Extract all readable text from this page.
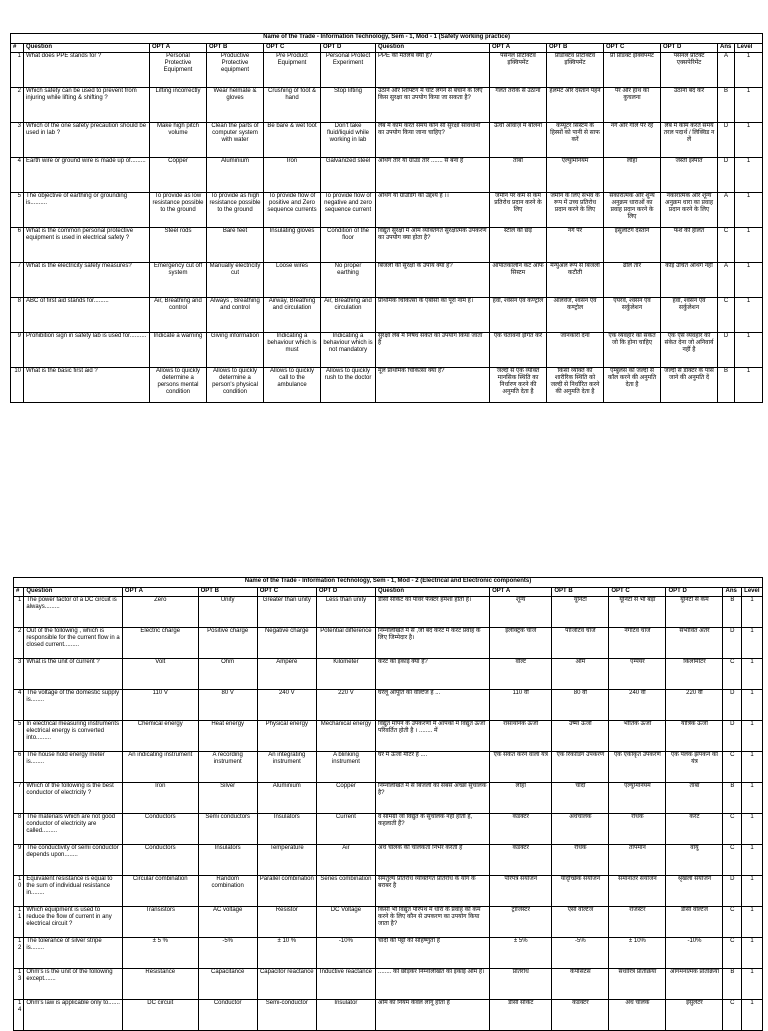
Name of the Trade - Information Technology, Sem - 1, Mod - 1 (Safety working practice)												
#	Question	OPT A	OPT B	OPT C	OPT D	Question	OPT A	OPT B	OPT C	OPT D	Ans	Level
1	What does PPE stands for ?	Personal Protective Equipment	Productive Protective equipment	Pre Product Equipment	Personal Protect Experiment	PPE का मतलब क्या है?	पर्सनल प्रोटेक्टिव इक्विपमेंट	प्रोडक्टिव प्रोटेक्टिव इक्विपमेंट	प्री प्रोडक्ट इक्विपमेंट	पर्सनल प्रोटेक्ट एक्सपेरिमेंट	A	1
2	Which safety can be used to prevent from injuring while lifting & shifting ?	Lifting incorrectly	Wear helmate & gloves	Crushing of foot & hand	Stop lifting	उठाने और शिफ्टिंग में चोट लगने से बचाने के लिए किस सुरक्षा का उपयोग किया जा सकता है?	गलत तरीके से उठाना	हेलमेट और दस्ताने पहनें	पैर और हाथ का कुचलना	उठाना बंद करें	B	1
3	Which of the one safety precaution should be used in lab ?	Make high pitch volume	Clean the parts of computer system with water	Be bare & wet foot	Don't take fluid/liquid while working in lab	लैब में काम करते समय कौन सी सुरक्षा सावधानी का उपयोग किया जाना चाहिए?	ऊंची आवाज़ में बोलना	कंप्यूटर सिस्टम के हिस्सों को पानी से साफ करें	नंगे और गीले पैर रहें	लैब में काम करते समय तरल पदार्थ / लिक्विड न लें	D	1
4	Earth wire or ground wire is made up of.........	Copper	Aluminium	Iron	Galvanized steel	अर्थिंग तार या ग्राउंड तार ....... से बना है	तांबा	एल्युमिनियम	लोहा	जस्ती इस्पात	D	1
5	The objective of earthing or grounding is..........	To provide as low resistance possible to the ground	To provide as high resistance possible to the ground	To provide flow of positive and Zero sequence currents	To provide flow of negative and zero sequence current	अर्थिंग या ग्राउंडिंग का उद्देश्य है ।।	जमीन पर कम से कम प्रतिरोध प्रदान करने के लिए	जमीन के लिए संभव के रूप में उच्च प्रतिरोध प्रदान करने के लिए	सकारात्मक और शून्य अनुक्रम धाराओं का प्रवाह प्रदान करने के लिए	नकारात्मक और शून्य अनुक्रम धारा का प्रवाह प्रदान करने के लिए	A	1
6	What is the common personal protective equipment is used in electrical safety ?	Steel rods	Bare feet	Insulating gloves	Condition of the floor	विद्युत सुरक्षा में आम व्यक्तिगत सुरक्षात्मक उपकरण का उपयोग क्या होता है?	स्टील की छड़	नंगे पैर	इंसुलेटिंग दस्ताने	फर्श की हालत	C	1
7	What is the electricity safety measures?	Emergency cut off system	Manually electricity cut	Loose wires	No proper earthing	बिजली की सुरक्षा के उपाय क्या है?	आपातकालीन कट ऑफ सिस्टम	मैन्युअल रूप से बिजली कटौती	ढीले तार	कोई उचित अर्थिंग नहीं	A	1
8	ABC of first aid stands for.........	Air, Breathing and control	Always , Breathing and control	Airway, Breathing and circulation	Air, Breathing and circulation	प्राथमिक चिकित्सा के एबीसी का पूरा नाम है।	हवा, श्वसन एवं कण्ट्रोल	ऑलवेज, श्वसन एवं कण्ट्रोल	एयरवे, श्वसन एवं सर्कुलेशन	हवा, श्वसन एवं सर्कुलेशन	C	1
9	Prohibition sign in safety lab is used for..........	Indicate a warning	Giving information	Indicating a behaviour which is must	Indicating a behaviour which is not mandatory	सुरक्षा लैब में निषेध संकेत का उपयोग किया जाता है	एक चेतावनी इंगित करें	जानकारी देना	एक व्यवहार का संकेत जो कि होना चाहिए	एक ऐसे व्यवहार का संकेत देना जो अनिवार्य नहीं है	D	1
10	What is the basic first aid ?	Allows to quickly determine a persons mental condition	Allows to quickly determine a person's physical condition	Allows to quickly call to the ambulance	Allows to quickly rush to the doctor	मूल प्राथमिक चिकित्सा क्या है?	जल्दी से एक व्यक्ति मानसिक स्थिति का निर्धारण करने की अनुमति देता है	किसी व्यक्ति की शारीरिक स्थिति को जल्दी से निर्धारित करने की अनुमति देता है	एम्बुलेंस को जल्दी से कॉल करने की अनुमति देता है	जल्दी से डॉक्टर के पास जाने की अनुमति दें	B	1
Name of the Trade - Information Technology, Sem - 1, Mod - 2 (Electrical and Electronic components)												
#	Question	OPT A	OPT B	OPT C	OPT D	Question	OPT A	OPT B	OPT C	OPT D	Ans	Level
1	The power factor of a DC circuit is always.........	Zero	Unity	Greater than unity	Less than unity	डीसी सर्किट का पावर फैक्टर हमेशा होता है।	शून्य	यूनिटी	यूनिटी से भी बड़ा	यूनिटी से कम	B	1
2	Out of the following , which is responsible for the current flow in a closed current.........	Electric charge	Positive charge	Negative charge	Potential difference	निम्नलिखित में से ,जो बंद करंट में करंट प्रवाह के लिए जिम्मेदार है।	इलेक्ट्रिक चार्ज	पॉजिटिव चार्ज	नेगेटिव चार्ज	संभावित अंतर	D	1
3	What is the unit of current ?	Volt	Ohm	Ampere	Kilometer	करंट का इकाई क्या है?	वोल्ट	ओम	एम्पेयर	किलोमीटर	C	1
4	The voltage of the domestic supply is........	110 V	80 V	240 V	220 V	घरेलू आपूर्ति का वोल्टेज है ...	110 वी	80 वी	240 वी	220 वी	D	1
5	In electrical measuring instruments electrical energy is converted into.........	Chemical energy	Heat energy	Physical energy	Mechanical energy	विद्युत मापने के उपकरणों में आपको में विद्युत ऊर्जा परिवर्तित होती है । ........ में	रासायनिक ऊर्जा	उष्मा ऊर्जा	भौतिक ऊर्जा	यांत्रिक ऊर्जा	D	1
6	The house hold energy meter is........	An indicating instrument	A recording instrument	An integrating instrument	A blinking instrument	घर में ऊर्जा मीटर है ....	एक संकेत करने वाला यंत्र	एक रिकॉर्डिंग उपकरण	एक एकीकृत उपकरण	एक पलक झपकने का यंत्र	C	1
7	Which of the following is the best conductor of electricity ?	Iron	Silver	Aluminium	Copper	निम्नलिखित में से बिजली का सबसे अच्छा सुचालक है?	लोहा	चांदी	एल्युमिनियम	तांबा	B	1
8	The materials which are not good conductor of electricity are called.........	Conductors	Semi conductors	Insulators	Current	वे सामग्री जो विद्युत के सुचालक नहीं होती हैं, कहलाती हैं?	कंडक्टर	अर्धचालक	रोधक	करंट	C	1
9	The conductivity of semi conductor depends upon........	Conductors	Insulators	Temperature	Air	अर्ध चालक की चालकता निर्भर करती है	कंडक्टर	रोधक	तापमान	वायु	C	1
10	Equivalent resistance is equal to the sum of individual resistance in........	Circular combination	Random combination	Parallel combination	Series combination	समतुल्य प्रतिरोध व्यक्तिगत प्रतिरोध के योग के बराबर है	परिपत्र संयोजन	यादृच्छिक संयोजन	समानांतर संयोजन	श्रृंखला संयोजन	D	1
11	Which equipment is used to reduce the flow of current in any electrical circuit ?	Transistors	AC voltage	Resistor	DC Voltage	किसी भी विद्युत परिपथ में धारा के प्रवाह को कम करने के लिए कौन से उपकरण का उपयोग किया जाता है?	ट्रांजिस्टर	एसी वोल्टेज	रजिस्टर	डीसी वोल्टेज	C	1
12	The tolerance of silver stripe is........	± 5 %	-5%	± 10 %	-10%	चांदी की पट्टी की सहिष्णुता है	± 5%	-5%	± 10%	-10%	C	1
13	Ohm's is the unit of the following except.......	Resistance	Capacitance	Capacitor reactance	Inductive reactance	........ को छोड़कर निम्नलिखित का इकाई ओम है।	प्रतिरोध	कैपेसिटेंस	संधारित्र प्रतिक्रिया	आगमनात्मक प्रतिक्रिया	B	1
14	Ohm's law is applicable only to.......	DC circuit	Conductor	Semi-conductor	Insulator	ओम का नियम केवल लागू होता है	डीसी सर्किट	कंडक्टर	अर्ध चालक	इंसुलेटर	C	1
